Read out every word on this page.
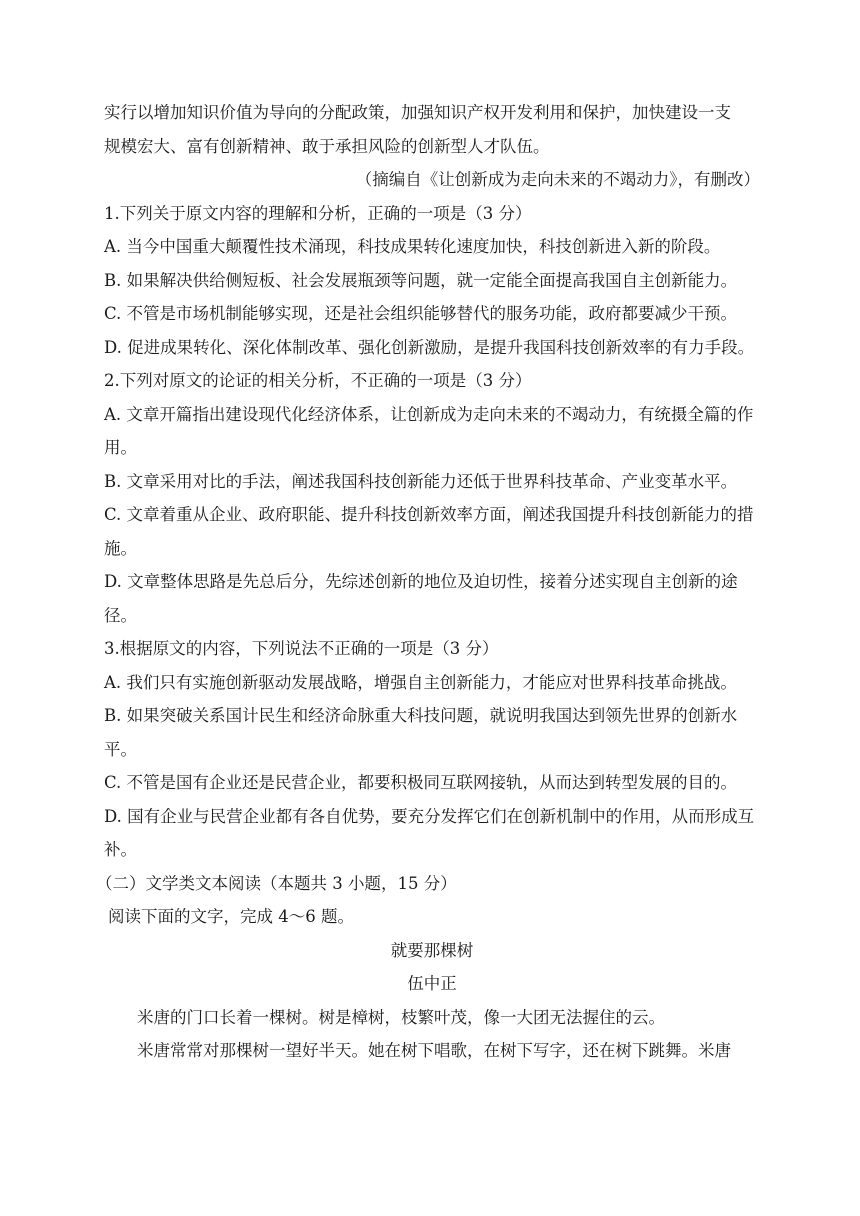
实行以增加知识价值为导向的分配政策，加强知识产权开发利用和保护，加快建设一支
规模宏大、富有创新精神、敢于承担风险的创新型人才队伍。
（摘编自《让创新成为走向未来的不竭动力》，有删改）
1.下列关于原文内容的理解和分析，正确的一项是（3 分）
A. 当今中国重大颠覆性技术涌现，科技成果转化速度加快，科技创新进入新的阶段。
B. 如果解决供给侧短板、社会发展瓶颈等问题，就一定能全面提高我国自主创新能力。
C. 不管是市场机制能够实现，还是社会组织能够替代的服务功能，政府都要减少干预。
D. 促进成果转化、深化体制改革、强化创新激励，是提升我国科技创新效率的有力手段。
2.下列对原文的论证的相关分析，不正确的一项是（3 分）
A. 文章开篇指出建设现代化经济体系，让创新成为走向未来的不竭动力，有统摄全篇的作用。
B. 文章采用对比的手法，阐述我国科技创新能力还低于世界科技革命、产业变革水平。
C. 文章着重从企业、政府职能、提升科技创新效率方面，阐述我国提升科技创新能力的措施。
D. 文章整体思路是先总后分，先综述创新的地位及迫切性，接着分述实现自主创新的途径。
3.根据原文的内容，下列说法不正确的一项是（3 分）
A. 我们只有实施创新驱动发展战略，增强自主创新能力，才能应对世界科技革命挑战。
B. 如果突破关系国计民生和经济命脉重大科技问题，就说明我国达到领先世界的创新水平。
C. 不管是国有企业还是民营企业，都要积极同互联网接轨，从而达到转型发展的目的。
D. 国有企业与民营企业都有各自优势，要充分发挥它们在创新机制中的作用，从而形成互补。
（二）文学类文本阅读（本题共 3 小题，15 分）
阅读下面的文字，完成 4～6 题。
就要那棵树
伍中正
米唐的门口长着一棵树。树是樟树，枝繁叶茂，像一大团无法握住的云。
米唐常常对那棵树一望好半天。她在树下唱歌，在树下写字，还在树下跳舞。米唐
